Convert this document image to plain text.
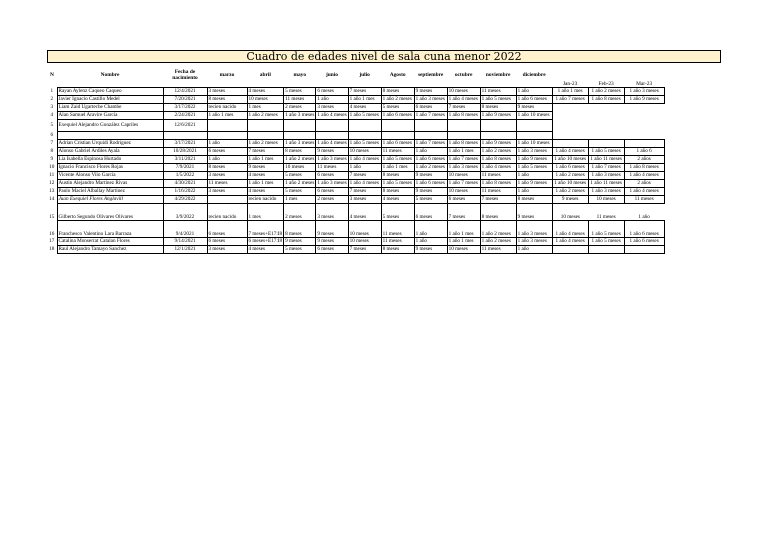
Cuadro de edades nivel de sala cuna menor 2022
N	Nombre	Fecha de nacimiento	marzo	abril	mayo	junio	julio	Agosto	septiembre	octubre	noviembre	diciembre	Jan-23	Feb-23	Mar-23
1	Rayan Aylenz Caqueo Caqueo	12/4/2021	3 meses	4 meses	5 meses	6 meses	7 meses	8 meses	9 meses	10 meses	11 meses	1 año	1 año 1 mes	1 año 2 meses	1 año 3 meses
2	Javier Ignacio Castillo Medel	7/20/2021	8 meses	10 meses	11 meses	1 año	1 año 1 mes	1 año 2 meses	1 año 3 meses	1 año 4 meses	1 año 5 meses	1 año 6 meses	1 año 7 meses	1 año 8 meses	1 año 9 meses
3	Liam Zaid Ugarteche Chambe	3/17/2022	recien nacido	1 mes	2 meses	3 meses	4 meses	5 meses	6 meses	7 meses	8 meses	9 meses			
4	Alan Samuel Aravire García	2/24/2021	1 año 1 mes	1 año 2 meses	1 año 3 meses	1 año 4 meses	1 año 5 meses	1 año 6 meses	1 año 7 meses	1 año 8 meses	1 año 9 meses	1 año 10 meses			
5	Exequiel Alejandro González Capriles	12/6/2021													
6															
7	Adrian Cristian Urquidi Rodriguez	3/17/2021	1 año	1 año 2 meses	1 año 3 meses	1 año 4 meses	1 año 5 meses	1 año 6 meses	1 año 7 meses	1 año 8 meses	1 año 9 meses	1 año 10 meses			
8	Alonso Gabriel Ardiles Ayala	10/28/2021	6 meses	7 meses	8 meses	9 meses	10 meses	11 meses	1 año	1 año 1 mes	1 año 2 meses	1 año 3 meses	1 año 4 meses	1 año 5 meses	1 año 6
9	Lia Isabella Espinosa Hurtado	3/11/2021	1 año	1 año 1 mes	1 año 2 meses	1 año 3 meses	1 año 4 meses	1 año 5 meses	1 año 6 meses	1 año 7 meses	1 año 8 meses	1 año 9 meses	1 año 10 meses	1 año 11 meses	2 años
10	Ignacio Francisco Flores Rojas	7/9/2021	8 meses	9 meses	10 meses	11 meses	1 año	1 año 1 mes	1 año 2 meses	1 año 3 meses	1 año 4 meses	1 año 5 meses	1 año 6 meses	1 año 7 meses	1 año 8 meses
11	Vicente Alonso Vilo García	1/5/2022	3 meses	4 meses	5 meses	6 meses	7 meses	8 meses	9 meses	10 meses	11 meses	1 año	1 año 2 meses	1 año 3 meses	1 año 4 meses
12	Austin Alejandro Martinez Rivas	4/30/2021	11 meses	1 año 1 mes	1 año 2 meses	1 año 3 meses	1 año 4 meses	1 año 5 meses	1 año 6 meses	1 año 7 meses	1 año 8 meses	1 año 9 meses	1 año 10 meses	1 año 11 meses	2 años
13	Paulo Maciel Alballay Martinez	1/16/2022	3 meses	4 meses	5 meses	6 meses	7 meses	8 meses	9 meses	10 meses	11 meses	1 año	1 año 2 meses	1 año 3 meses	1 año 4 meses
14	Juan Exequiel Flores Anglavill	4/29/2022		recien nacido	1 mes	2 meses	3 meses	4 meses	5 meses	6 meses	7 meses	8 meses	9 meses	10 meses	11 meses
15	Gilberto Segundo Olivares Olivares	3/9/2022	recien nacido	1 mes	2 meses	3 meses	4 meses	5 meses	6 meses	7 meses	8 meses	9 meses	10 meses	11 meses	1 año
16	Franchesco Valentino Lara Barraza	9/4/2021	6 meses	7 meses+E17:I8	8 meses	9 meses	10 meses	11 meses	1 año	1 año 1 mes	1 año 2 meses	1 año 3 meses	1 año 4 meses	1 año 5 meses	1 año 6 meses
17	Catalina Monserrat Catalan Flores	9/14/2021	6 meses	6 meses+E17:I8	9 meses	9 meses	10 meses	11 meses	1 año	1 año 1 mes	1 año 2 meses	1 año 3 meses	1 año 4 meses	1 año 5 meses	1 año 6 meses
18	Raul Alejandro Tamayo Sanchez	12/1/2021	3 meses	4 meses	5 meses	6 meses	7 meses	8 meses	9 meses	10 meses	11 meses	1 año			
